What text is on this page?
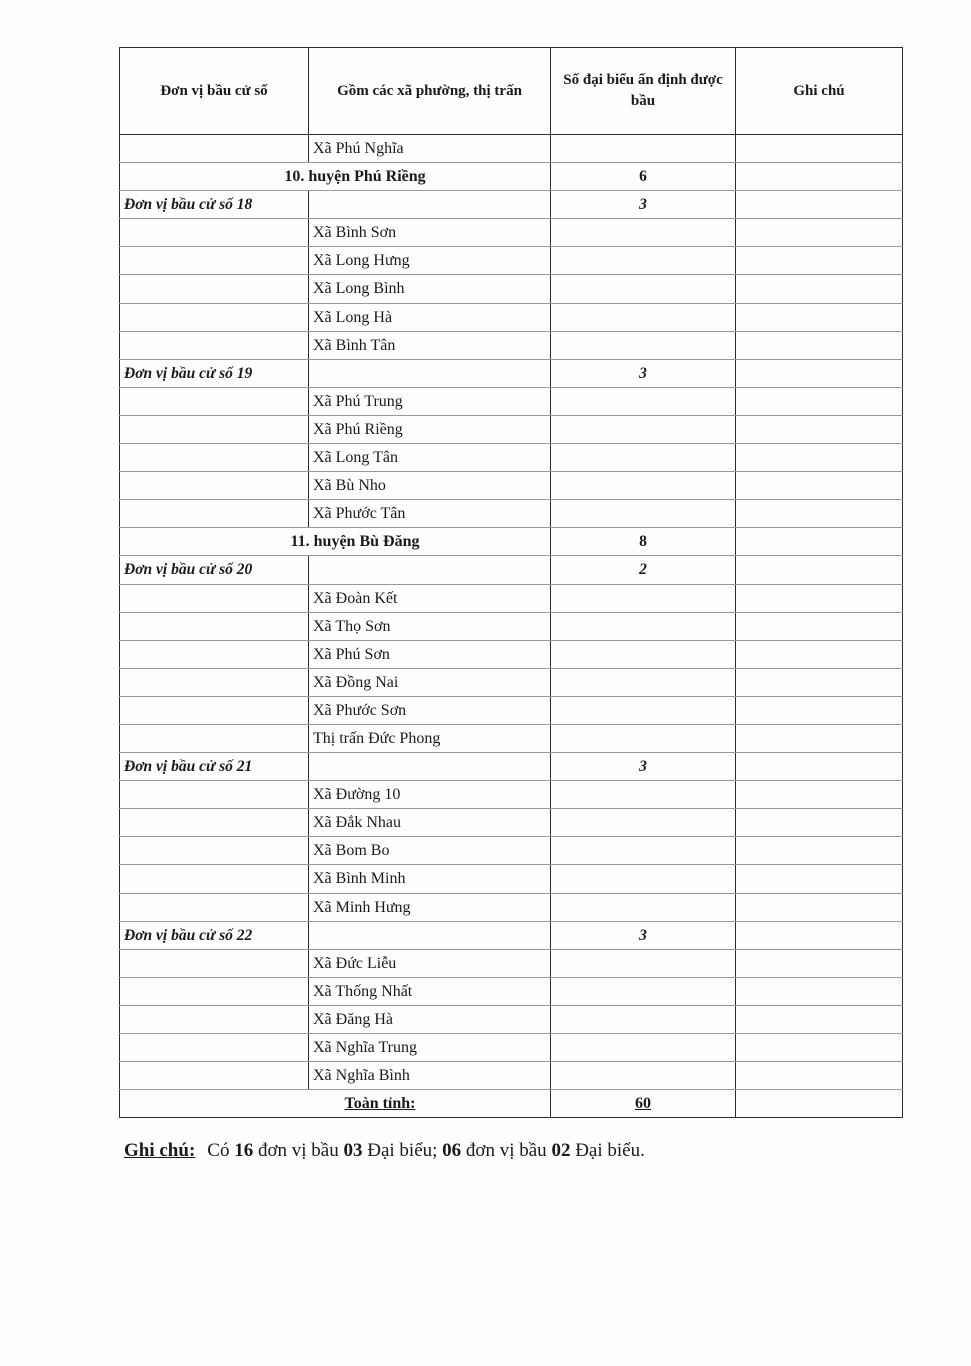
Đơn vị bầu cử số	Gồm các xã phường, thị trấn	Số đại biểu ấn định được bầu	Ghi chú
	Xã Phú Nghĩa		
10. huyện Phú Riềng		6	
Đơn vị bầu cử số 18		3	
	Xã Bình Sơn		
	Xã Long Hưng		
	Xã Long Bình		
	Xã Long Hà		
	Xã Bình Tân		
Đơn vị bầu cử số 19		3	
	Xã Phú Trung		
	Xã Phú Riềng		
	Xã Long Tân		
	Xã Bù Nho		
	Xã Phước Tân		
11. huyện Bù Đăng		8	
Đơn vị bầu cử số 20		2	
	Xã Đoàn Kết		
	Xã Thọ Sơn		
	Xã Phú Sơn		
	Xã Đồng Nai		
	Xã Phước Sơn		
	Thị trấn Đức Phong		
Đơn vị bầu cử số 21		3	
	Xã Đường 10		
	Xã Đắk Nhau		
	Xã Bom Bo		
	Xã Bình Minh		
	Xã Minh Hưng		
Đơn vị bầu cử số 22		3	
	Xã Đức Liễu		
	Xã Thống Nhất		
	Xã Đăng Hà		
	Xã Nghĩa Trung		
	Xã Nghĩa Bình		
Toàn tỉnh:		60	
Ghi chú: Có 16 đơn vị bầu 03 Đại biểu; 06 đơn vị bầu 02 Đại biểu.
